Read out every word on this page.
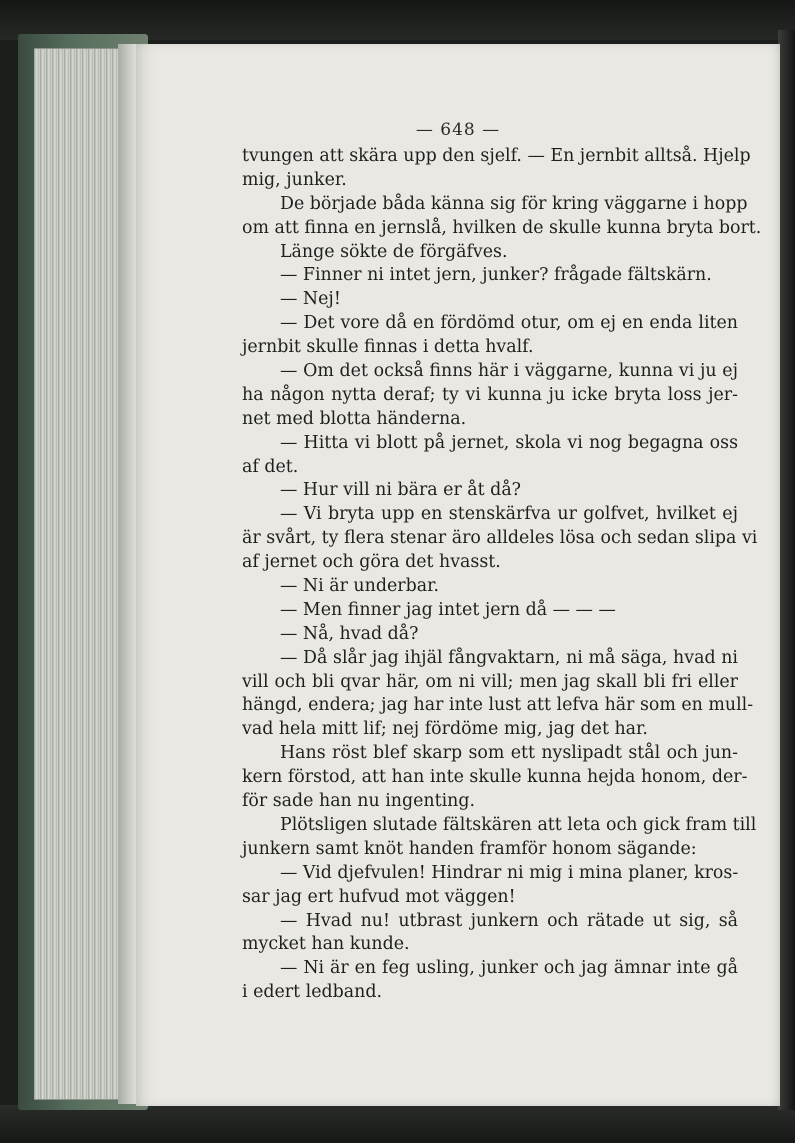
— 648 —
tvungen att skära upp den sjelf. — En jernbit alltså. Hjelp
mig, junker.
De började båda känna sig för kring väggarne i hopp
om att finna en jernslå, hvilken de skulle kunna bryta bort.
Länge sökte de förgäfves.
— Finner ni intet jern, junker? frågade fältskärn.
— Nej!
— Det vore då en fördömd otur, om ej en enda liten
jernbit skulle finnas i detta hvalf.
— Om det också finns här i väggarne, kunna vi ju ej
ha någon nytta deraf; ty vi kunna ju icke bryta loss jer-
net med blotta händerna.
— Hitta vi blott på jernet, skola vi nog begagna oss
af det.
— Hur vill ni bära er åt då?
— Vi bryta upp en stenskärfva ur golfvet, hvilket ej
är svårt, ty flera stenar äro alldeles lösa och sedan slipa vi
af jernet och göra det hvasst.
— Ni är underbar.
— Men finner jag intet jern då — — —
— Nå, hvad då?
— Då slår jag ihjäl fångvaktarn, ni må säga, hvad ni
vill och bli qvar här, om ni vill; men jag skall bli fri eller
hängd, endera; jag har inte lust att lefva här som en mull-
vad hela mitt lif; nej fördöme mig, jag det har.
Hans röst blef skarp som ett nyslipadt stål och jun-
kern förstod, att han inte skulle kunna hejda honom, der-
för sade han nu ingenting.
Plötsligen slutade fältskären att leta och gick fram till
junkern samt knöt handen framför honom sägande:
— Vid djefvulen! Hindrar ni mig i mina planer, kros-
sar jag ert hufvud mot väggen!
— Hvad nu! utbrast junkern och rätade ut sig, så
mycket han kunde.
— Ni är en feg usling, junker och jag ämnar inte gå
i edert ledband.
